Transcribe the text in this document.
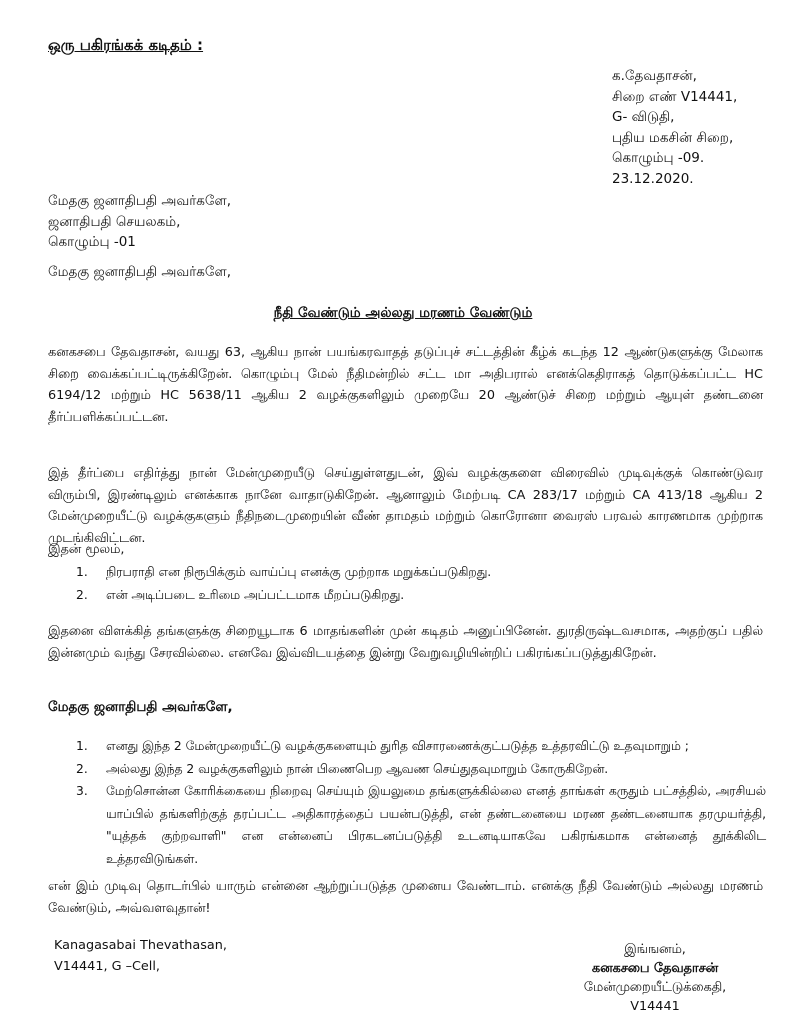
ஒரு பகிரங்கக் கடிதம் :
க.தேவதாசன்,
சிறை எண் V14441,
G- விடுதி,
புதிய மகசின் சிறை,
கொழும்பு -09.
23.12.2020.
மேதகு ஜனாதிபதி அவர்களே,
ஜனாதிபதி செயலகம்,
கொழும்பு -01
மேதகு ஜனாதிபதி அவர்களே,
நீதி வேண்டும் அல்லது மரணம் வேண்டும்
கனகசபை தேவதாசன், வயது 63, ஆகிய நான் பயங்கரவாதத் தடுப்புச் சட்டத்தின் கீழ்க் கடந்த 12 ஆண்டுகளுக்கு மேலாக சிறை வைக்கப்பட்டிருக்கிறேன். கொழும்பு மேல் நீதிமன்றில் சட்ட மா அதிபரால் எனக்கெதிராகத் தொடுக்கப்பட்ட HC 6194/12 மற்றும் HC 5638/11 ஆகிய 2 வழக்குகளிலும் முறையே 20 ஆண்டுச் சிறை மற்றும் ஆயுள் தண்டனை தீர்ப்பளிக்கப்பட்டன.
இத் தீர்ப்பை எதிர்த்து நான் மேன்முறையீடு செய்துள்ளதுடன், இவ் வழக்குகளை விரைவில் முடிவுக்குக் கொண்டுவர விரும்பி, இரண்டிலும் எனக்காக நானே வாதாடுகிறேன். ஆனாலும் மேற்படி CA 283/17 மற்றும் CA 413/18 ஆகிய 2 மேன்முறையீட்டு வழக்குகளும் நீதிநடைமுறையின் வீண் தாமதம் மற்றும் கொரோனா வைரஸ் பரவல் காரணமாக முற்றாக முடங்கிவிட்டன.
இதன் மூலம்,
1. நிரபராதி என நிரூபிக்கும் வாய்ப்பு எனக்கு முற்றாக மறுக்கப்படுகிறது.
2. என் அடிப்படை உரிமை அப்பட்டமாக மீறப்படுகிறது.
இதனை விளக்கித் தங்களுக்கு சிறையூடாக 6 மாதங்களின் முன் கடிதம் அனுப்பினேன். துரதிருஷ்டவசமாக, அதற்குப் பதில் இன்னமும் வந்து சேரவில்லை. எனவே இவ்விடயத்தை இன்று வேறுவழியின்றிப் பகிரங்கப்படுத்துகிறேன்.
மேதகு ஜனாதிபதி அவர்களே,
1. எனது இந்த 2 மேன்முறையீட்டு வழக்குகளையும் துரித விசாரணைக்குட்படுத்த உத்தரவிட்டு உதவுமாறும் ;
2. அல்லது இந்த 2 வழக்குகளிலும் நான் பிணைபெற ஆவண செய்துதவுமாறும் கோருகிறேன்.
3. மேற்சொன்ன கோரிக்கையை நிறைவு செய்யும் இயலுமை தங்களுக்கில்லை எனத் தாங்கள் கருதும் பட்சத்தில், அரசியல் யாப்பில் தங்களிற்குத் தரப்பட்ட அதிகாரத்தைப் பயன்படுத்தி, என் தண்டனையை மரண தண்டனையாக தரமுயர்த்தி, "யுத்தக் குற்றவாளி" என என்னைப் பிரகடனப்படுத்தி உடனடியாகவே பகிரங்கமாக என்னைத் தூக்கிலிட உத்தரவிடுங்கள்.
என் இம் முடிவு தொடர்பில் யாரும் என்னை ஆற்றுப்படுத்த முனைய வேண்டாம். எனக்கு நீதி வேண்டும் அல்லது மரணம் வேண்டும், அவ்வளவுதான்!
Kanagasabai Thevathasan,
V14441, G –Cell,
இங்ஙனம்,
கனகசபை தேவதாசன்
மேன்முறையீட்டுக்கைதி, V14441
